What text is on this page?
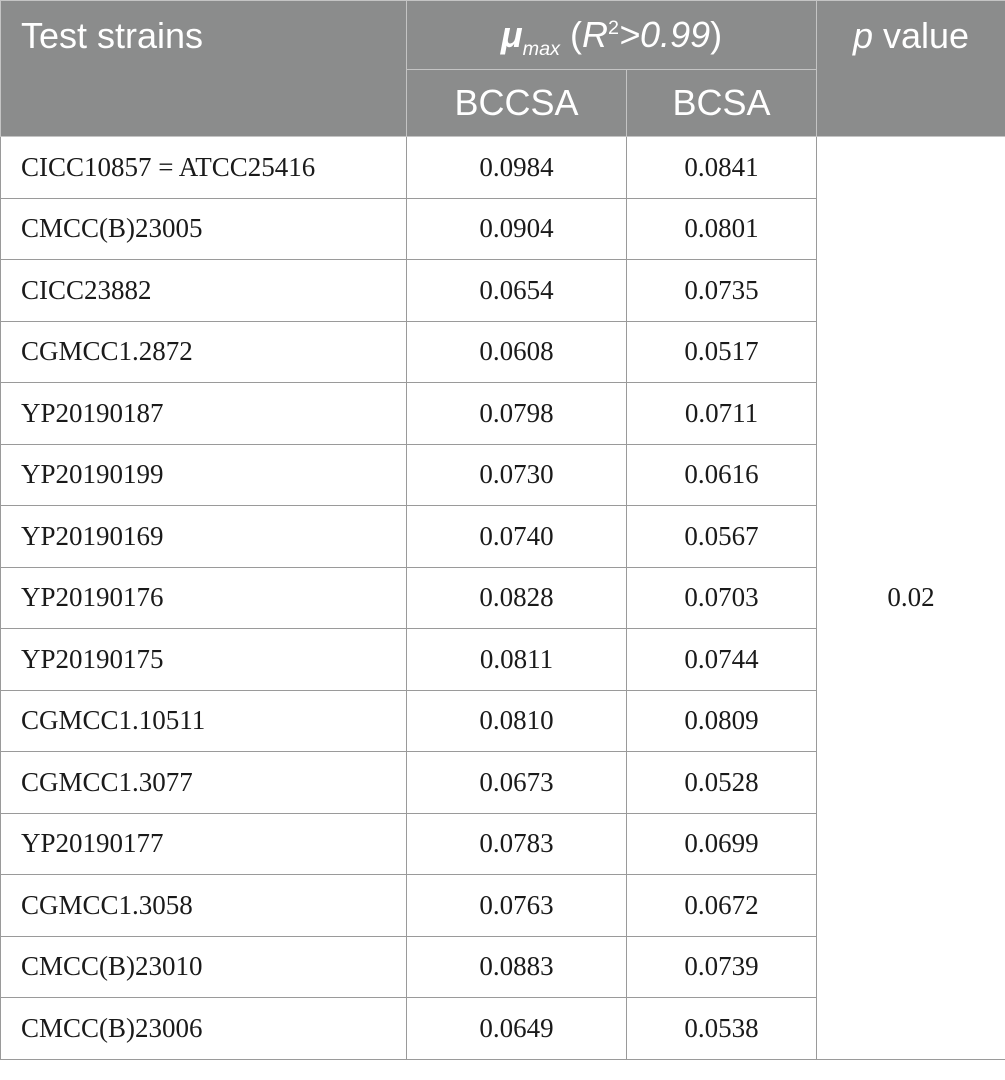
Test strains	$\mu_{max}$ $(R^2>0.99)$		p value
	BCCSA	BCSA	
CICC10857 = ATCC25416	0.0984	0.0841	0.02
CMCC(B)23005	0.0904	0.0801	
CICC23882	0.0654	0.0735	
CGMCC1.2872	0.0608	0.0517	
YP20190187	0.0798	0.0711	
YP20190199	0.0730	0.0616	
YP20190169	0.0740	0.0567	
YP20190176	0.0828	0.0703	
YP20190175	0.0811	0.0744	
CGMCC1.10511	0.0810	0.0809	
CGMCC1.3077	0.0673	0.0528	
YP20190177	0.0783	0.0699	
CGMCC1.3058	0.0763	0.0672	
CMCC(B)23010	0.0883	0.0739	
CMCC(B)23006	0.0649	0.0538	
